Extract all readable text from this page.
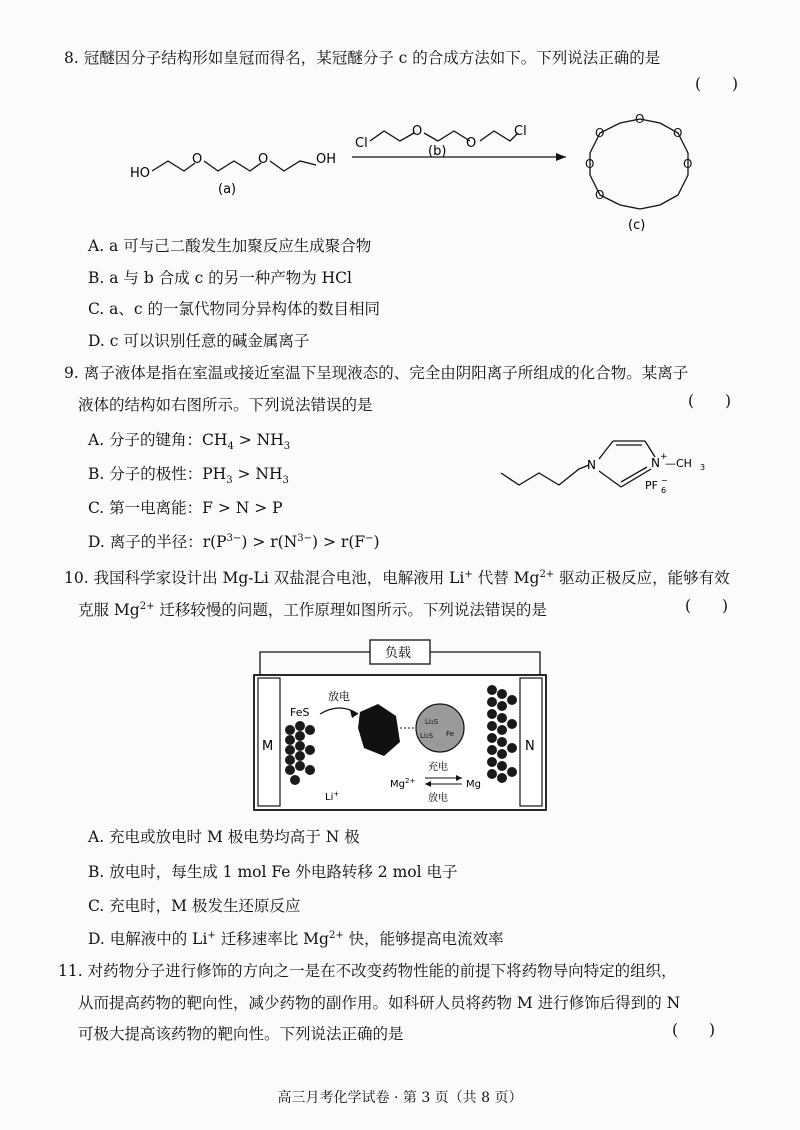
8. 冠醚因分子结构形如皇冠而得名，某冠醚分子 c 的合成方法如下。下列说法正确的是
(　　)
HO
O	O	OH
(a)
Cl
O
O
Cl
(b)
O
O
O
O	O
O
(c)
A. a 可与己二酸发生加聚反应生成聚合物
B. a 与 b 合成 c 的另一种产物为 HCl
C. a、c 的一氯代物同分异构体的数目相同
D. c 可以识别任意的碱金属离子
9. 离子液体是指在室温或接近室温下呈现液态的、完全由阴阳离子所组成的化合物。某离子
液体的结构如右图所示。下列说法错误的是	(　　)
A. 分子的键角：$CH_4 > NH_3$
B. 分子的极性：$PH_3 > NH_3$
C. 第一电离能：F > N > P
D. 离子的半径：$r(P^{3-}) > r(N^{3-}) > r(F^-)$
N	N +
—CH 3
PF 6
−
10. 我国科学家设计出 Mg-Li 双盐混合电池，电解液用 Li+ 代替 $Mg^{2+}$ 驱动正极反应，能够有效
克服 $Mg^{2+}$ 迁移较慢的问题，工作原理如图所示。下列说法错误的是	(　　)
负载
M	N
FeS
Li+
放电
Li₂S
Li₂S Fe
充电
$Mg^{2+}$	Mg
放电
A. 充电或放电时 M 极电势均高于 N 极
B. 放电时，每生成 1 mol Fe 外电路转移 2 mol 电子
C. 充电时，M 极发生还原反应
D. 电解液中的 Li+ 迁移速率比 $Mg^{2+}$ 快，能够提高电流效率
11. 对药物分子进行修饰的方向之一是在不改变药物性能的前提下将药物导向特定的组织，
从而提高药物的靶向性，减少药物的副作用。如科研人员将药物 M 进行修饰后得到的 N
可极大提高该药物的靶向性。下列说法正确的是	(　　)
高三月考化学试卷 · 第 3 页（共 8 页）
